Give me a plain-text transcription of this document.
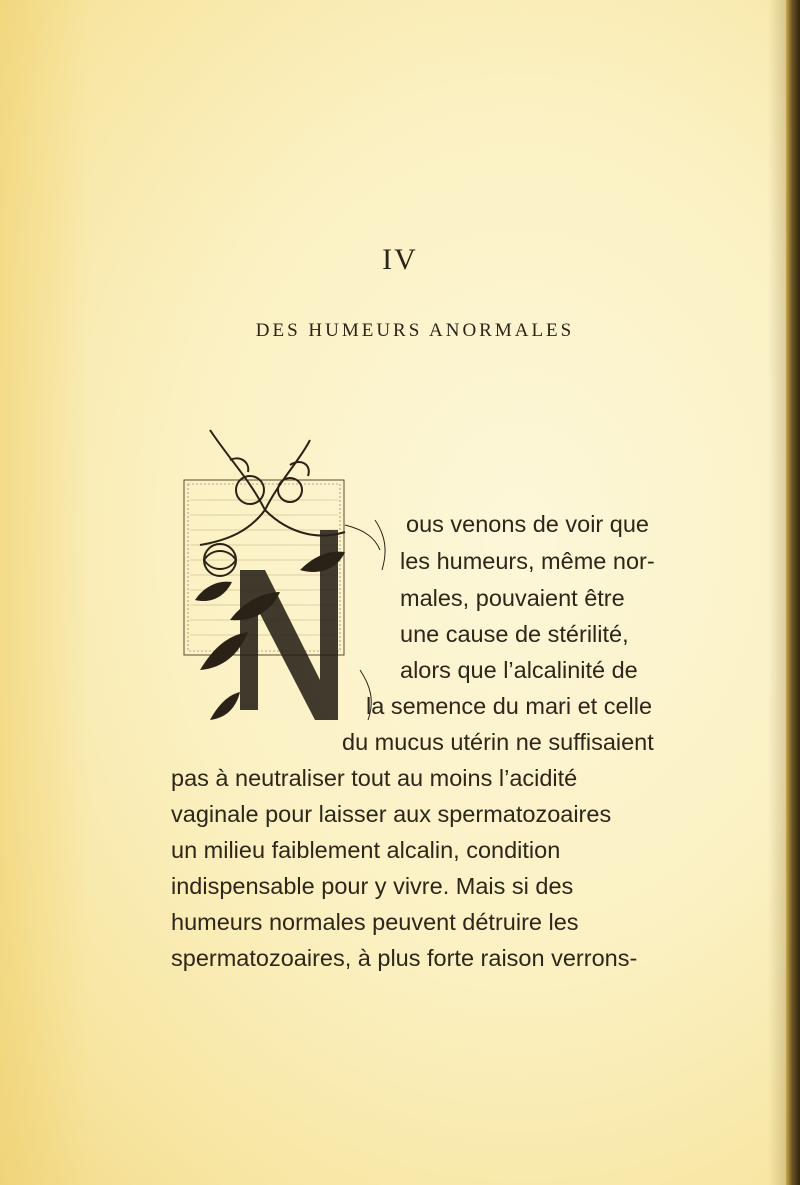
IV
DES HUMEURS ANORMALES
ous venons de voir que
les humeurs, même nor-
males, pouvaient être
une cause de stérilité,
alors que l’alcalinité de
la semence du mari et celle
du mucus utérin ne suffisaient
pas à neutraliser tout au moins l’acidité
vaginale pour laisser aux spermatozoaires
un milieu faiblement alcalin, condition
indispensable pour y vivre. Mais si des
humeurs normales peuvent détruire les
spermatozoaires, à plus forte raison verrons-
